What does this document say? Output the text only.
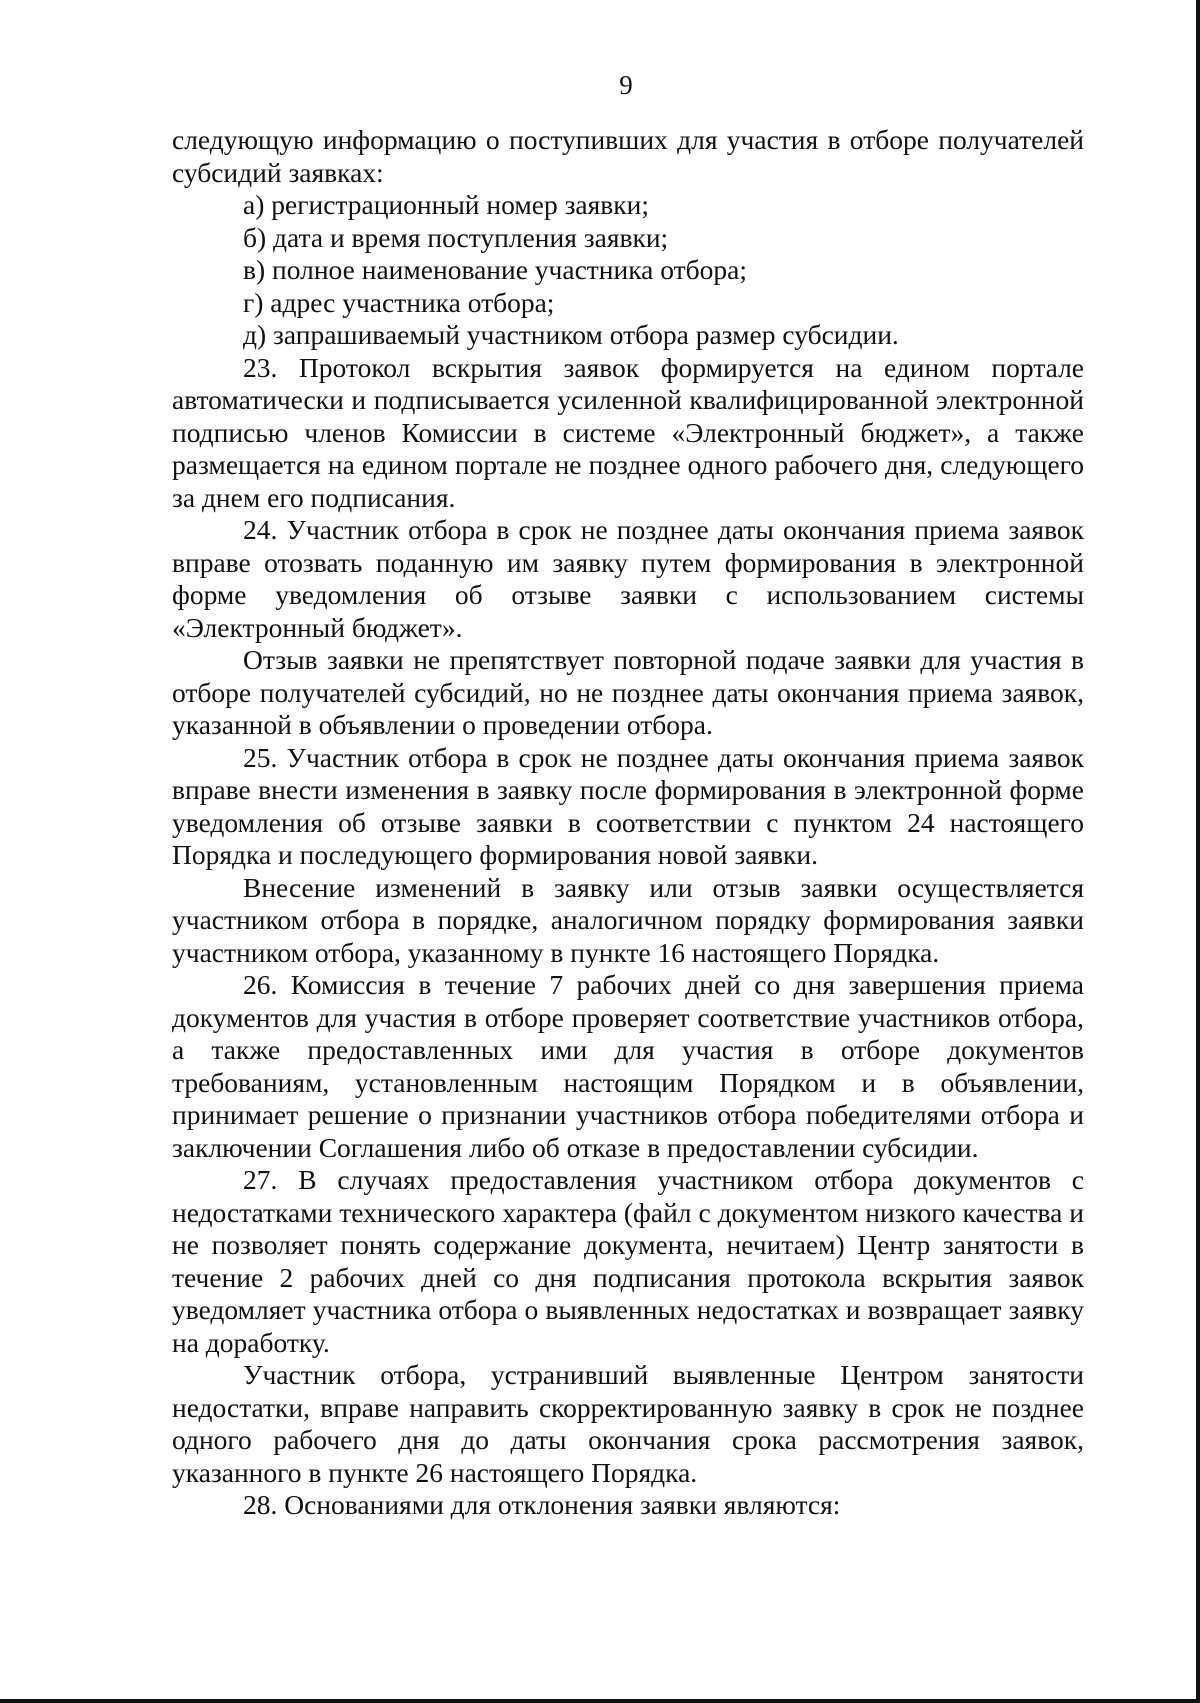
9

следующую информацию о поступивших для участия в отборе получателей субсидий заявках:

а) регистрационный номер заявки;

б) дата и время поступления заявки;

в) полное наименование участника отбора;

г) адрес участника отбора;

д) запрашиваемый участником отбора размер субсидии.

23. Протокол вскрытия заявок формируется на едином портале автоматически и подписывается усиленной квалифицированной электронной подписью членов Комиссии в системе «Электронный бюджет», а также размещается на едином портале не позднее одного рабочего дня, следующего за днем его подписания.

24. Участник отбора в срок не позднее даты окончания приема заявок вправе отозвать поданную им заявку путем формирования в электронной форме уведомления об отзыве заявки с использованием системы «Электронный бюджет».

Отзыв заявки не препятствует повторной подаче заявки для участия в отборе получателей субсидий, но не позднее даты окончания приема заявок, указанной в объявлении о проведении отбора.

25. Участник отбора в срок не позднее даты окончания приема заявок вправе внести изменения в заявку после формирования в электронной форме уведомления об отзыве заявки в соответствии с пунктом 24 настоящего Порядка и последующего формирования новой заявки.

Внесение изменений в заявку или отзыв заявки осуществляется участником отбора в порядке, аналогичном порядку формирования заявки участником отбора, указанному в пункте 16 настоящего Порядка.

26. Комиссия в течение 7 рабочих дней со дня завершения приема документов для участия в отборе проверяет соответствие участников отбора, а также предоставленных ими для участия в отборе документов требованиям, установленным настоящим Порядком и в объявлении, принимает решение о признании участников отбора победителями отбора и заключении Соглашения либо об отказе в предоставлении субсидии.

27. В случаях предоставления участником отбора документов с недостатками технического характера (файл с документом низкого качества и не позволяет понять содержание документа, нечитаем) Центр занятости в течение 2 рабочих дней со дня подписания протокола вскрытия заявок уведомляет участника отбора о выявленных недостатках и возвращает заявку на доработку.

Участник отбора, устранивший выявленные Центром занятости недостатки, вправе направить скорректированную заявку в срок не позднее одного рабочего дня до даты окончания срока рассмотрения заявок, указанного в пункте 26 настоящего Порядка.

28. Основаниями для отклонения заявки являются:
